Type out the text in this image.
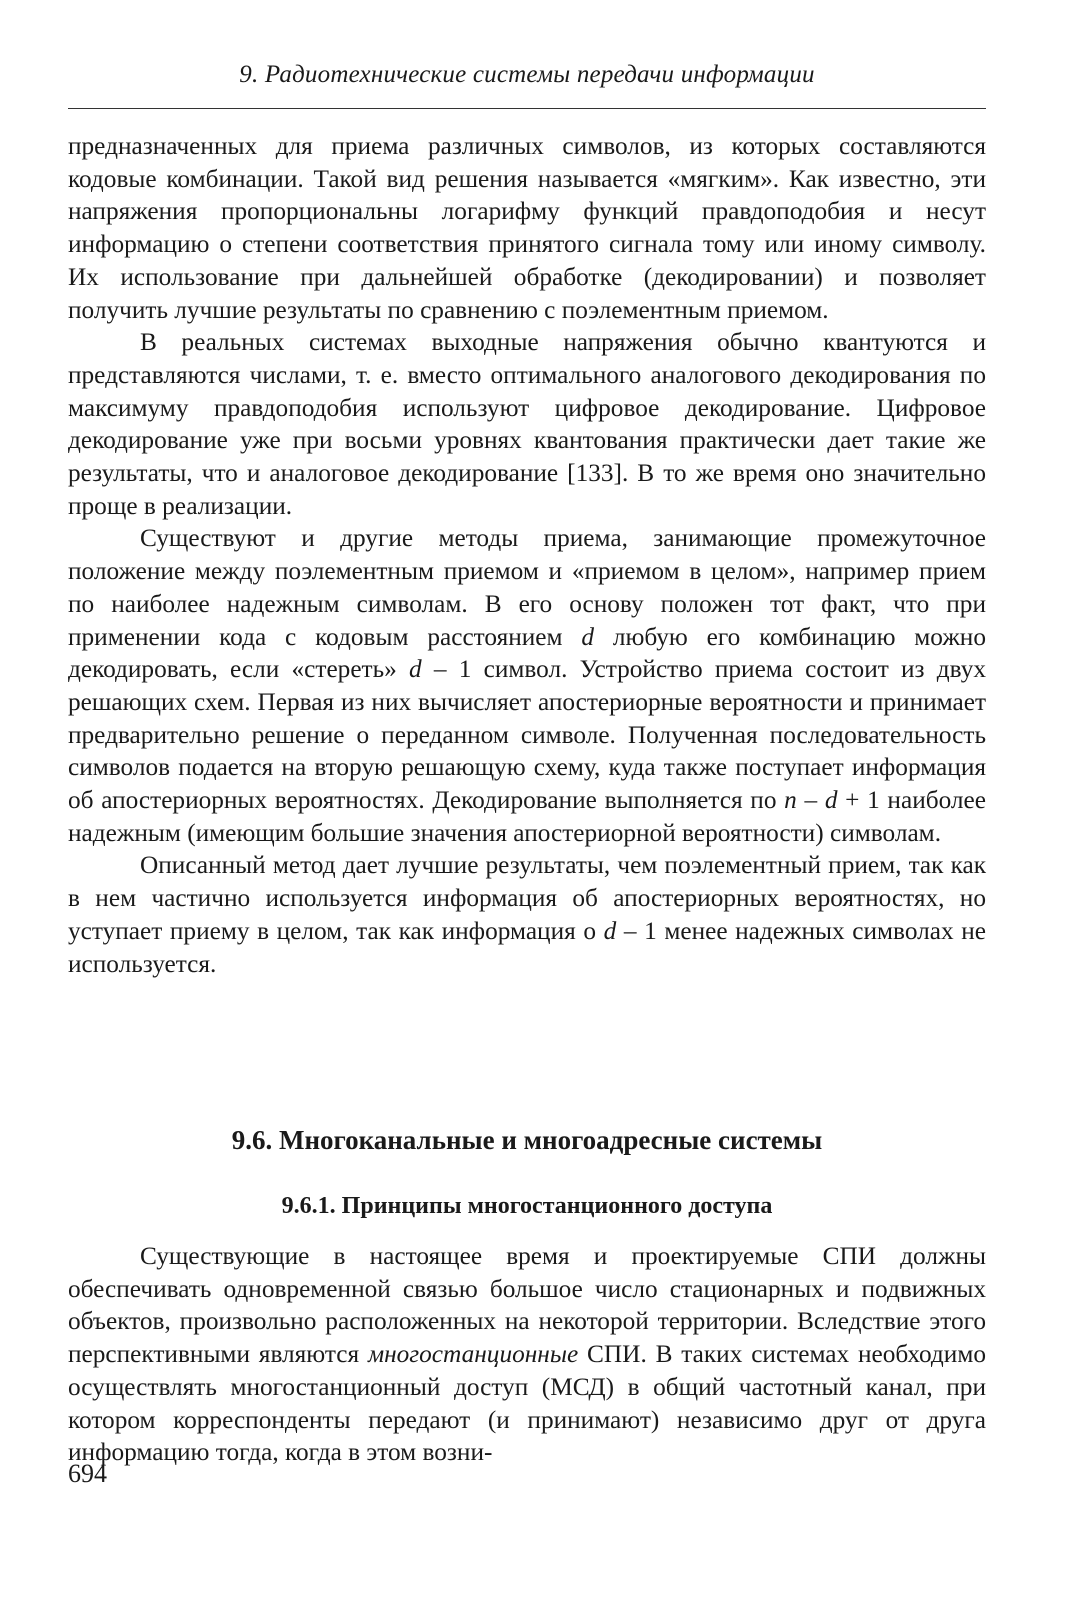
9. Радиотехнические системы передачи информации

предназначенных для приема различных символов, из которых составляются кодовые комбинации. Такой вид решения называется «мягким». Как известно, эти напряжения пропорциональны логарифму функций правдоподобия и несут информацию о степени соответствия принятого сигнала тому или иному символу. Их использование при дальнейшей обработке (декодировании) и позволяет получить лучшие результаты по сравнению с поэлементным приемом.

В реальных системах выходные напряжения обычно квантуются и представляются числами, т. е. вместо оптимального аналогового декодирования по максимуму правдоподобия используют цифровое декодирование. Цифровое декодирование уже при восьми уровнях квантования практически дает такие же результаты, что и аналоговое декодирование [133]. В то же время оно значительно проще в реализации.

Существуют и другие методы приема, занимающие промежуточное положение между поэлементным приемом и «приемом в целом», например прием по наиболее надежным символам. В его основу положен тот факт, что при применении кода с кодовым расстоянием d любую его комбинацию можно декодировать, если «стереть» d – 1 символ. Устройство приема состоит из двух решающих схем. Первая из них вычисляет апостериорные вероятности и принимает предварительно решение о переданном символе. Полученная последовательность символов подается на вторую решающую схему, куда также поступает информация об апостериорных вероятностях. Декодирование выполняется по n – d + 1 наиболее надежным (имеющим большие значения апостериорной вероятности) символам.

Описанный метод дает лучшие результаты, чем поэлементный прием, так как в нем частично используется информация об апостериорных вероятностях, но уступает приему в целом, так как информация о d – 1 менее надежных символах не используется.

9.6. Многоканальные и многоадресные системы
9.6.1. Принципы многостанционного доступа

Существующие в настоящее время и проектируемые СПИ должны обеспечивать одновременной связью большое число стационарных и подвижных объектов, произвольно расположенных на некоторой территории. Вследствие этого перспективными являются многостанционные СПИ. В таких системах необходимо осуществлять многостанционный доступ (МСД) в общий частотный канал, при котором корреспонденты передают (и принимают) независимо друг от друга информацию тогда, когда в этом возни-

694
